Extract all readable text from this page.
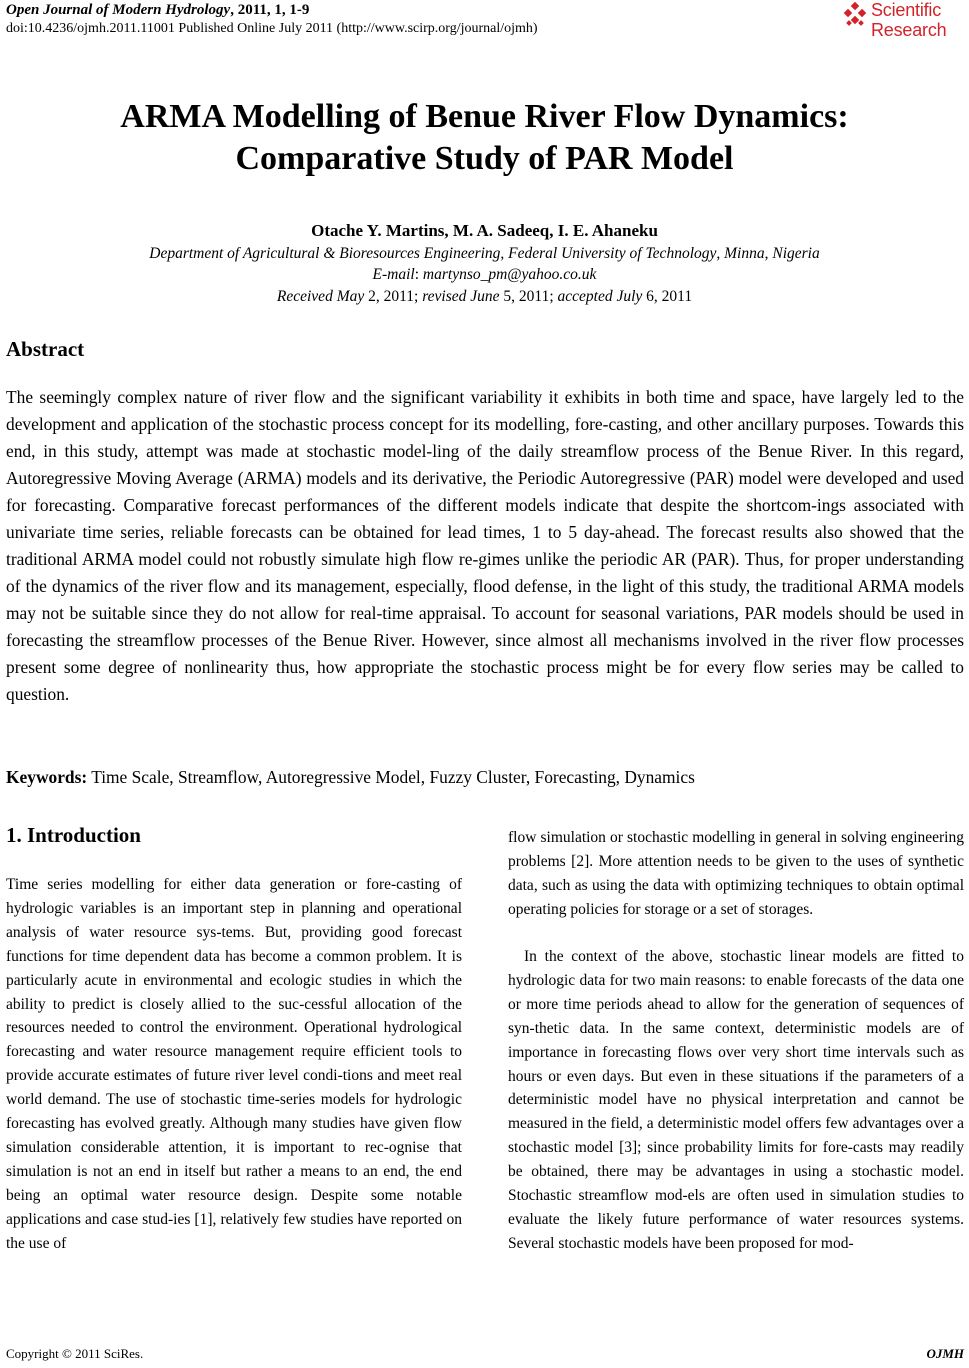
Open Journal of Modern Hydrology, 2011, 1, 1-9
doi:10.4236/ojmh.2011.11001 Published Online July 2011 (http://www.scirp.org/journal/ojmh)
Scientific
Research
ARMA Modelling of Benue River Flow Dynamics:
Comparative Study of PAR Model
Otache Y. Martins, M. A. Sadeeq, I. E. Ahaneku
Department of Agricultural & Bioresources Engineering, Federal University of Technology, Minna, Nigeria
E-mail: martynso_pm@yahoo.co.uk
Received May 2, 2011; revised June 5, 2011; accepted July 6, 2011
Abstract

The seemingly complex nature of river flow and the significant variability it exhibits in both time and space, have largely led to the development and application of the stochastic process concept for its modelling, fore-casting, and other ancillary purposes. Towards this end, in this study, attempt was made at stochastic model-ling of the daily streamflow process of the Benue River. In this regard, Autoregressive Moving Average (ARMA) models and its derivative, the Periodic Autoregressive (PAR) model were developed and used for forecasting. Comparative forecast performances of the different models indicate that despite the shortcom-ings associated with univariate time series, reliable forecasts can be obtained for lead times, 1 to 5 day-ahead. The forecast results also showed that the traditional ARMA model could not robustly simulate high flow re-gimes unlike the periodic AR (PAR). Thus, for proper understanding of the dynamics of the river flow and its management, especially, flood defense, in the light of this study, the traditional ARMA models may not be suitable since they do not allow for real-time appraisal. To account for seasonal variations, PAR models should be used in forecasting the streamflow processes of the Benue River. However, since almost all mechanisms involved in the river flow processes present some degree of nonlinearity thus, how appropriate the stochastic process might be for every flow series may be called to question.

Keywords: Time Scale, Streamflow, Autoregressive Model, Fuzzy Cluster, Forecasting, Dynamics
1. Introduction

Time series modelling for either data generation or fore-casting of hydrologic variables is an important step in planning and operational analysis of water resource sys-tems. But, providing good forecast functions for time dependent data has become a common problem. It is particularly acute in environmental and ecologic studies in which the ability to predict is closely allied to the suc-cessful allocation of the resources needed to control the environment. Operational hydrological forecasting and water resource management require efficient tools to provide accurate estimates of future river level condi-tions and meet real world demand. The use of stochastic time-series models for hydrologic forecasting has evolved greatly. Although many studies have given flow simulation considerable attention, it is important to rec-ognise that simulation is not an end in itself but rather a means to an end, the end being an optimal water resource design. Despite some notable applications and case stud-ies [1], relatively few studies have reported on the use of

flow simulation or stochastic modelling in general in solving engineering problems [2]. More attention needs to be given to the uses of synthetic data, such as using the data with optimizing techniques to obtain optimal operating policies for storage or a set of storages.

In the context of the above, stochastic linear models are fitted to hydrologic data for two main reasons: to enable forecasts of the data one or more time periods ahead to allow for the generation of sequences of syn-thetic data. In the same context, deterministic models are of importance in forecasting flows over very short time intervals such as hours or even days. But even in these situations if the parameters of a deterministic model have no physical interpretation and cannot be measured in the field, a deterministic model offers few advantages over a stochastic model [3]; since probability limits for fore-casts may readily be obtained, there may be advantages in using a stochastic model. Stochastic streamflow mod-els are often used in simulation studies to evaluate the likely future performance of water resources systems. Several stochastic models have been proposed for mod-

Copyright © 2011 SciRes.	OJMH
